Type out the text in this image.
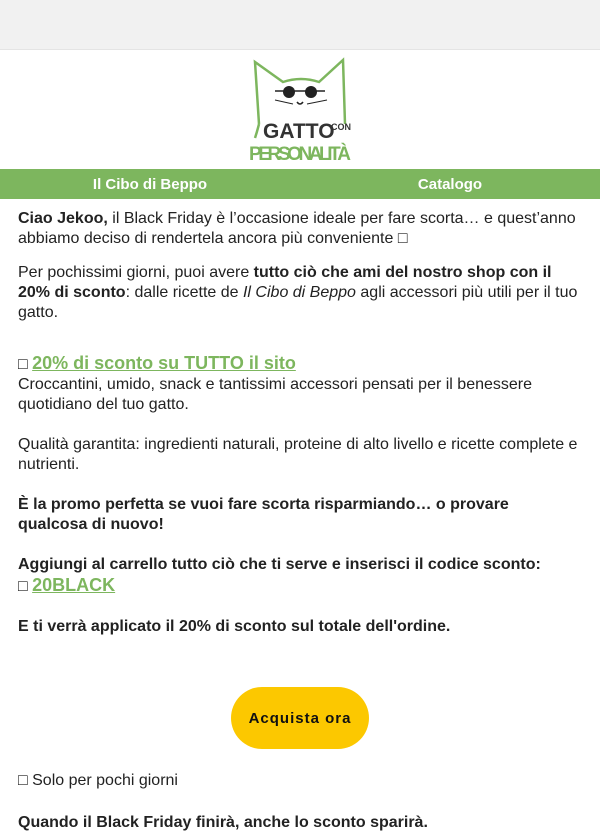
GATTO
CON
PERSONALITÀ
Il Cibo di Beppo	Catalogo

Ciao Jekoo, il Black Friday è l’occasione ideale per fare scorta… e quest’anno abbiamo deciso di rendertela ancora più conveniente □

Per pochissimi giorni, puoi avere tutto ciò che ami del nostro shop con il 20% di sconto: dalle ricette de Il Cibo di Beppo agli accessori più utili per il tuo gatto.

□ 20% di sconto su TUTTO il sito

Croccantini, umido, snack e tantissimi accessori pensati per il benessere quotidiano del tuo gatto.

Qualità garantita: ingredienti naturali, proteine di alto livello e ricette complete e nutrienti.

È la promo perfetta se vuoi fare scorta risparmiando… o provare qualcosa di nuovo!

Aggiungi al carrello tutto ciò che ti serve e inserisci il codice sconto:
□ 20BLACK

E ti verrà applicato il 20% di sconto sul totale dell'ordine.

Acquista ora

□ Solo per pochi giorni

Quando il Black Friday finirà, anche lo sconto sparirà.
